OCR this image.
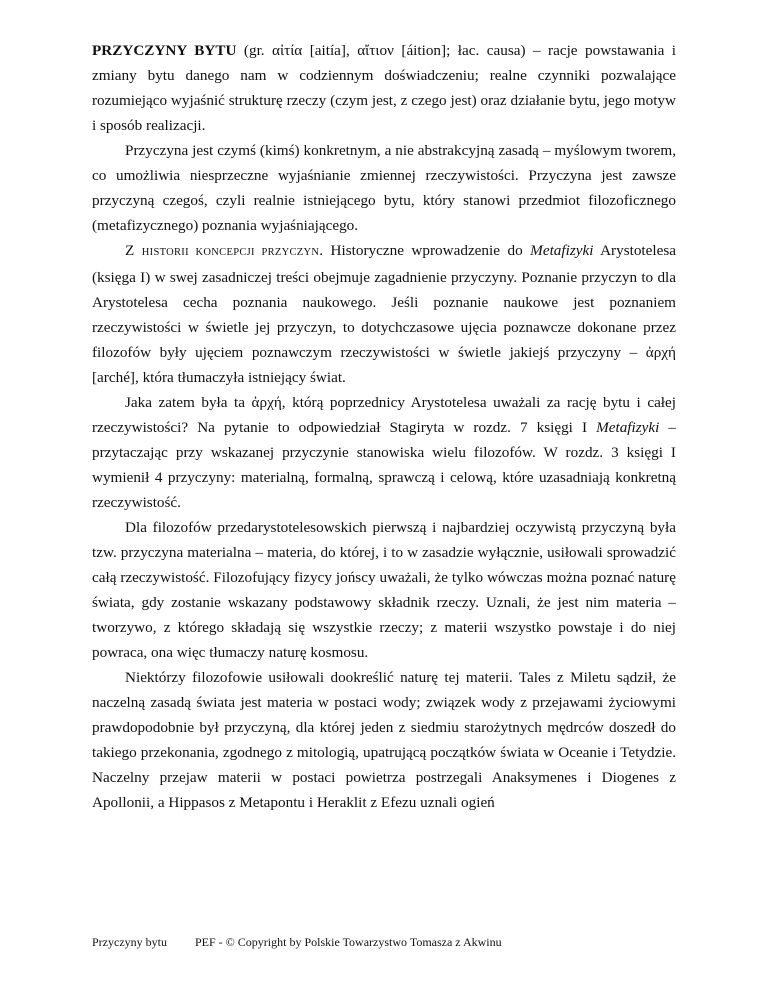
PRZYCZYNY BYTU (gr. αἰτία [aitía], αἴτιον [áition]; łac. causa) – racje powstawania i zmiany bytu danego nam w codziennym doświadczeniu; realne czynniki pozwalające rozumiejąco wyjaśnić strukturę rzeczy (czym jest, z czego jest) oraz działanie bytu, jego motyw i sposób realizacji.

Przyczyna jest czymś (kimś) konkretnym, a nie abstrakcyjną zasadą – myślowym tworem, co umożliwia niesprzeczne wyjaśnianie zmiennej rzeczywistości. Przyczyna jest zawsze przyczyną czegoś, czyli realnie istniejącego bytu, który stanowi przedmiot filozoficznego (metafizycznego) poznania wyjaśniającego.

Z HISTORII KONCEPCJI PRZYCZYN. Historyczne wprowadzenie do Metafizyki Arystotelesa (księga I) w swej zasadniczej treści obejmuje zagadnienie przyczyny. Poznanie przyczyn to dla Arystotelesa cecha poznania naukowego. Jeśli poznanie naukowe jest poznaniem rzeczywistości w świetle jej przyczyn, to dotychczasowe ujęcia poznawcze dokonane przez filozofów były ujęciem poznawczym rzeczywistości w świetle jakiejś przyczyny – ἀρχή [arché], która tłumaczyła istniejący świat.

Jaka zatem była ta ἀρχή, którą poprzednicy Arystotelesa uważali za rację bytu i całej rzeczywistości? Na pytanie to odpowiedział Stagiryta w rozdz. 7 księgi I Metafizyki – przytaczając przy wskazanej przyczynie stanowiska wielu filozofów. W rozdz. 3 księgi I wymienił 4 przyczyny: materialną, formalną, sprawczą i celową, które uzasadniają konkretną rzeczywistość.

Dla filozofów przedarystotelesowskich pierwszą i najbardziej oczywistą przyczyną była tzw. przyczyna materialna – materia, do której, i to w zasadzie wyłącznie, usiłowali sprowadzić całą rzeczywistość. Filozofujący fizycy jońscy uważali, że tylko wówczas można poznać naturę świata, gdy zostanie wskazany podstawowy składnik rzeczy. Uznali, że jest nim materia – tworzywo, z którego składają się wszystkie rzeczy; z materii wszystko powstaje i do niej powraca, ona więc tłumaczy naturę kosmosu.

Niektórzy filozofowie usiłowali dookreślić naturę tej materii. Tales z Miletu sądził, że naczelną zasadą świata jest materia w postaci wody; związek wody z przejawami życiowymi prawdopodobnie był przyczyną, dla której jeden z siedmiu starożytnych mędrców doszedł do takiego przekonania, zgodnego z mitologią, upatrującą początków świata w Oceanie i Tetydzie. Naczelny przejaw materii w postaci powietrza postrzegali Anaksymenes i Diogenes z Apollonii, a Hippasos z Metapontu i Heraklit z Efezu uznali ogień

Przyczyny bytu PEF - © Copyright by Polskie Towarzystwo Tomasza z Akwinu
